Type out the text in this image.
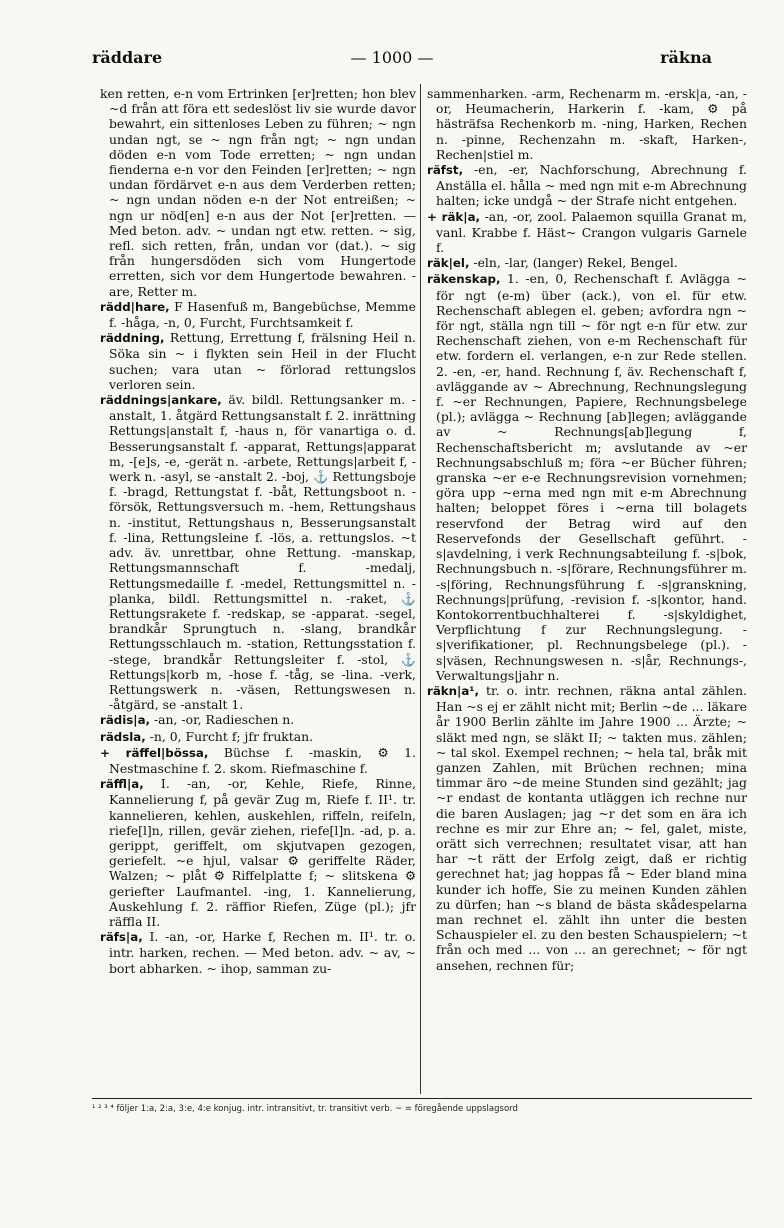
räddare	— 1000 —	räkna

ken retten, e-n vom Ertrinken [er]retten; hon blev ~d från att föra ett sedeslöst liv sie wurde davor bewahrt, ein sittenloses Leben zu führen; ~ ngn undan ngt, se ~ ngn från ngt; ~ ngn undan döden e-n vom Tode erretten; ~ ngn undan fienderna e-n vor den Feinden [er]retten; ~ ngn undan fördärvet e-n aus dem Verderben retten; ~ ngn undan nöden e-n der Not entreißen; ~ ngn ur nöd[en] e-n aus der Not [er]retten. — Med beton. adv. ~ undan ngt etw. retten. ~ sig, refl. sich retten, från, undan vor (dat.). ~ sig från hungersdöden sich vom Hungertode erretten, sich vor dem Hungertode bewahren. -are, Retter m.

rädd|hare, F Hasenfuß m, Bangebüchse, Memme f. -håga, -n, 0, Furcht, Furchtsamkeit f.

räddning, Rettung, Errettung f, frälsning Heil n. Söka sin ~ i flykten sein Heil in der Flucht suchen; vara utan ~ förlorad rettungslos verloren sein.

räddnings|ankare, äv. bildl. Rettungsanker m. -anstalt, 1. åtgärd Rettungsanstalt f. 2. inrättning Rettungs|anstalt f, -haus n, för vanartiga o. d. Besserungsanstalt f. -apparat, Rettungs|apparat m, -[e]s, -e, -gerät n. -arbete, Rettungs|arbeit f, -werk n. -asyl, se -anstalt 2. -boj, ⚓ Rettungsboje f. -bragd, Rettungstat f. -båt, Rettungsboot n. -försök, Rettungsversuch m. -hem, Rettungshaus n. -institut, Rettungshaus n, Besserungsanstalt f. -lina, Rettungsleine f. -lös, a. rettungslos. ~t adv. äv. unrettbar, ohne Rettung. -manskap, Rettungsmannschaft f. -medalj, Rettungsmedaille f. -medel, Rettungsmittel n. -planka, bildl. Rettungsmittel n. -raket, ⚓ Rettungsrakete f. -redskap, se -apparat. -segel, brandkår Sprungtuch n. -slang, brandkår Rettungsschlauch m. -station, Rettungsstation f. -stege, brandkår Rettungsleiter f. -stol, ⚓ Rettungs|korb m, -hose f. -tåg, se -lina. -verk, Rettungswerk n. -väsen, Rettungswesen n. -åtgärd, se -anstalt 1.

rädis|a, -an, -or, Radieschen n.

rädsla, -n, 0, Furcht f; jfr fruktan.

+ räffel|bössa, Büchse f. -maskin, ⚙ 1. Nestmaschine f. 2. skom. Riefmaschine f.

räffl|a, I. -an, -or, Kehle, Riefe, Rinne, Kannelierung f, på gevär Zug m, Riefe f. II¹. tr. kannelieren, kehlen, auskehlen, riffeln, reifeln, riefe[l]n, rillen, gevär ziehen, riefe[l]n. -ad, p. a. gerippt, geriffelt, om skjutvapen gezogen, geriefelt. ~e hjul, valsar ⚙ geriffelte Räder, Walzen; ~ plåt ⚙ Riffelplatte f; ~ slitskena ⚙ geriefter Laufmantel. -ing, 1. Kannelierung, Auskehlung f. 2. räffior Riefen, Züge (pl.); jfr räffla II.

räfs|a, I. -an, -or, Harke f, Rechen m. II¹. tr. o. intr. harken, rechen. — Med beton. adv. ~ av, ~ bort abharken. ~ ihop, samman zu-

sammenharken. -arm, Rechenarm m. -ersk|a, -an, -or, Heumacherin, Harkerin f. -kam, ⚙ på hästräfsa Rechenkorb m. -ning, Harken, Rechen n. -pinne, Rechenzahn m. -skaft, Harken-, Rechen|stiel m.

räfst, -en, -er, Nachforschung, Abrechnung f. Anställa el. hålla ~ med ngn mit e-m Abrechnung halten; icke undgå ~ der Strafe nicht entgehen.

+ räk|a, -an, -or, zool. Palaemon squilla Granat m, vanl. Krabbe f. Häst~ Crangon vulgaris Garnele f.

räk|el, -eln, -lar, (langer) Rekel, Bengel.

räkenskap, 1. -en, 0, Rechenschaft f. Avlägga ~ för ngt (e-m) über (ack.), von el. für etw. Rechenschaft ablegen el. geben; avfordra ngn ~ för ngt, ställa ngn till ~ för ngt e-n für etw. zur Rechenschaft ziehen, von e-m Rechenschaft für etw. fordern el. verlangen, e-n zur Rede stellen. 2. -en, -er, hand. Rechnung f, äv. Rechenschaft f, avläggande av ~ Abrechnung, Rechnungslegung f. ~er Rechnungen, Papiere, Rechnungsbelege (pl.); avlägga ~ Rechnung [ab]legen; avläggande av ~ Rechnungs[ab]legung f, Rechenschaftsbericht m; avslutande av ~er Rechnungsabschluß m; föra ~er Bücher führen; granska ~er e-e Rechnungsrevision vornehmen; göra upp ~erna med ngn mit e-m Abrechnung halten; beloppet föres i ~erna till bolagets reservfond der Betrag wird auf den Reservefonds der Gesellschaft geführt. -s|avdelning, i verk Rechnungsabteilung f. -s|bok, Rechnungsbuch n. -s|förare, Rechnungsführer m. -s|föring, Rechnungsführung f. -s|granskning, Rechnungs|prüfung, -revision f. -s|kontor, hand. Kontokorrentbuchhalterei f. -s|skyldighet, Verpflichtung f zur Rechnungslegung. -s|verifikationer, pl. Rechnungsbelege (pl.). -s|väsen, Rechnungswesen n. -s|år, Rechnungs-, Verwaltungs|jahr n.

räkn|a¹, tr. o. intr. rechnen, räkna antal zählen. Han ~s ej er zählt nicht mit; Berlin ~de ... läkare år 1900 Berlin zählte im Jahre 1900 ... Ärzte; ~ släkt med ngn, se släkt II; ~ takten mus. zählen; ~ tal skol. Exempel rechnen; ~ hela tal, bråk mit ganzen Zahlen, mit Brüchen rechnen; mina timmar äro ~de meine Stunden sind gezählt; jag ~r endast de kontanta utläggen ich rechne nur die baren Auslagen; jag ~r det som en ära ich rechne es mir zur Ehre an; ~ fel, galet, miste, orätt sich verrechnen; resultatet visar, att han har ~t rätt der Erfolg zeigt, daß er richtig gerechnet hat; jag hoppas få ~ Eder bland mina kunder ich hoffe, Sie zu meinen Kunden zählen zu dürfen; han ~s bland de bästa skådespelarna man rechnet el. zählt ihn unter die besten Schauspieler el. zu den besten Schauspielern; ~t från och med ... von ... an gerechnet; ~ för ngt ansehen, rechnen für;

¹ ² ³ ⁴ följer 1:a, 2:a, 3:e, 4:e konjug. intr. intransitivt, tr. transitivt verb. ~ = föregående uppslagsord
